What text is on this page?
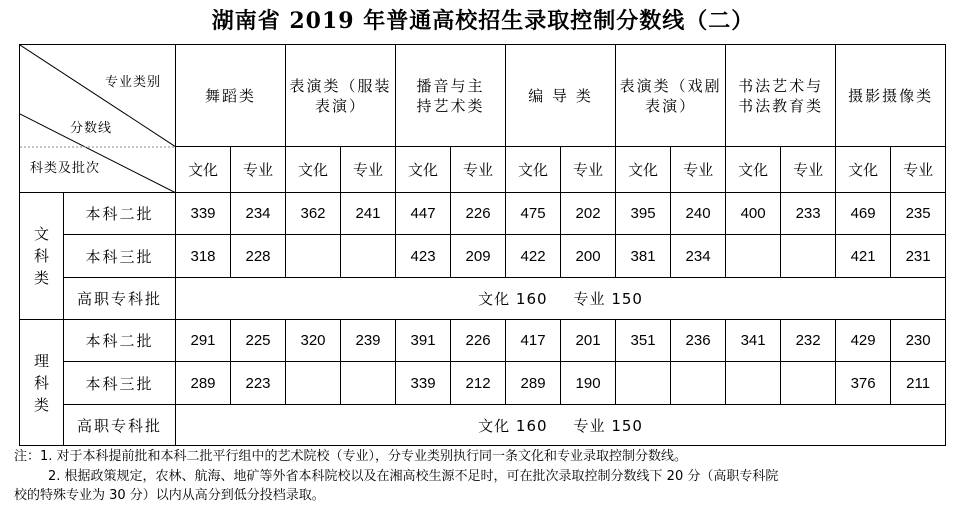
湖南省 2019 年普通高校招生录取控制分数线（二）
专业类别
分数线
科类及批次		舞蹈类		表演类（服装
表演）		播音与主
持艺术类		编 导 类		表演类（戏剧
表演）		书法艺术与
书法教育类		摄影摄像类	
		文化	专业	文化	专业	文化	专业	文化	专业	文化	专业	文化	专业	文化	专业
文
科
类	本科二批	339	234	362	241	447	226	475	202	395	240	400	233	469	235
	本科三批	318	228			423	209	422	200	381	234			421	231
	高职专科批	文化 160 专业 150													
理
科
类	本科二批	291	225	320	239	391	226	417	201	351	236	341	232	429	230
	本科三批	289	223			339	212	289	190					376	211
	高职专科批	文化 160 专业 150													

注：1. 对于本科提前批和本科二批平行组中的艺术院校（专业），分专业类别执行同一条文化和专业录取控制分数线。

2. 根据政策规定，农林、航海、地矿等外省本科院校以及在湘高校生源不足时，可在批次录取控制分数线下 20 分（高职专科院

校的特殊专业为 30 分）以内从高分到低分投档录取。
